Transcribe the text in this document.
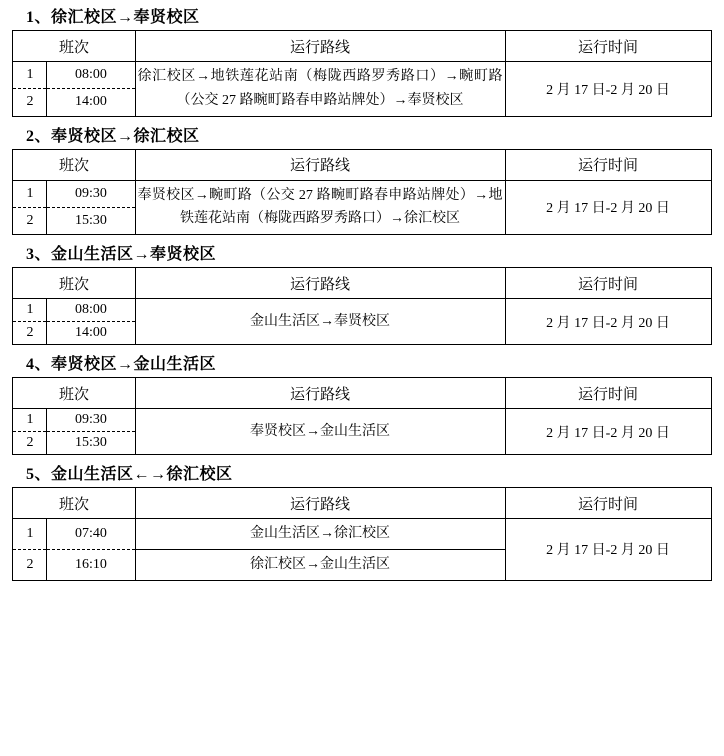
1、徐汇校区→奉贤校区
班次		运行路线	运行时间
1	08:00	徐汇校区→地铁莲花站南（梅陇西路罗秀路口）→畹町路（公交 27 路畹町路春申路站牌处）→奉贤校区	2 月 17 日-2 月 20 日
2	14:00		
2、奉贤校区→徐汇校区
班次		运行路线	运行时间
1	09:30	奉贤校区→畹町路（公交 27 路畹町路春申路站牌处）→地铁莲花站南（梅陇西路罗秀路口）→徐汇校区	2 月 17 日-2 月 20 日
2	15:30		
3、金山生活区→奉贤校区
班次		运行路线	运行时间
1	08:00	金山生活区→奉贤校区	2 月 17 日-2 月 20 日
2	14:00		
4、奉贤校区→金山生活区
班次		运行路线	运行时间
1	09:30	奉贤校区→金山生活区	2 月 17 日-2 月 20 日
2	15:30		
5、金山生活区←→徐汇校区
班次		运行路线	运行时间
1	07:40	金山生活区→徐汇校区	2 月 17 日-2 月 20 日
2	16:10	徐汇校区→金山生活区	
